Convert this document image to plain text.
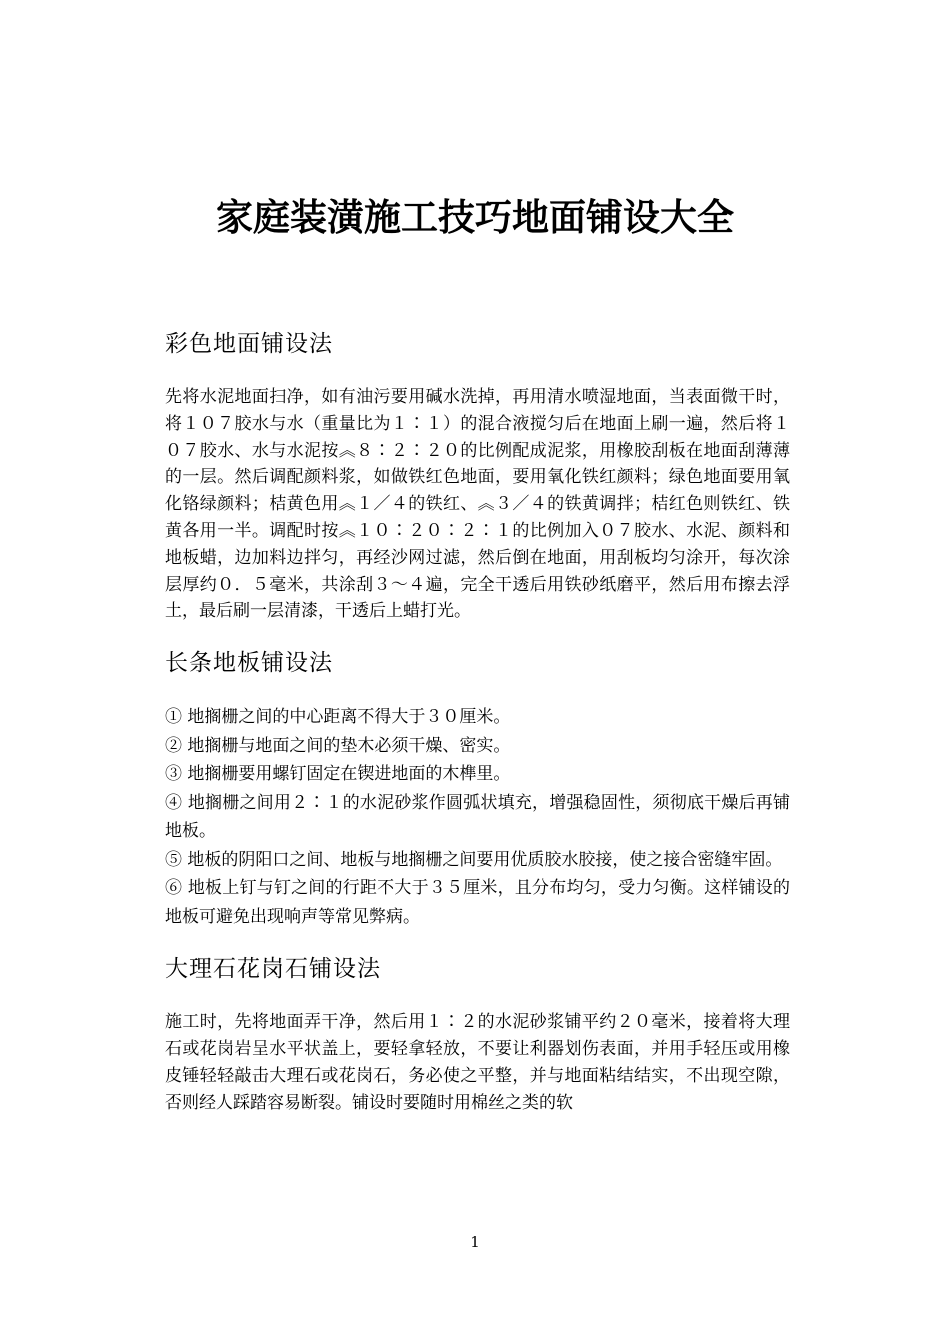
家庭装潢施工技巧地面铺设大全
彩色地面铺设法

先将水泥地面扫净，如有油污要用碱水洗掉，再用清水喷湿地面，当表面微干时，将１０７胶水与水（重量比为１∶１）的混合液搅匀后在地面上刷一遍，然后将１０７胶水、水与水泥按︽８∶２∶２０的比例配成泥浆，用橡胶刮板在地面刮薄薄的一层。然后调配颜料浆，如做铁红色地面，要用氧化铁红颜料；绿色地面要用氧化铬绿颜料；桔黄色用︽１／４的铁红、︽３／４的铁黄调拌；桔红色则铁红、铁黄各用一半。调配时按︽１０∶２０∶２∶１的比例加入０７胶水、水泥、颜料和地板蜡，边加料边拌匀，再经沙网过滤，然后倒在地面，用刮板均匀涂开，每次涂层厚约０．５毫米，共涂刮３～４遍，完全干透后用铁砂纸磨平，然后用布擦去浮土，最后刷一层清漆，干透后上蜡打光。

长条地板铺设法
① 地搁栅之间的中心距离不得大于３０厘米。
② 地搁栅与地面之间的垫木必须干燥、密实。
③ 地搁栅要用螺钉固定在锲进地面的木榫里。
④ 地搁栅之间用２∶１的水泥砂浆作圆弧状填充，增强稳固性，须彻底干燥后再铺地板。
⑤ 地板的阴阳口之间、地板与地搁栅之间要用优质胶水胶接，使之接合密缝牢固。
⑥ 地板上钉与钉之间的行距不大于３５厘米，且分布均匀，受力匀衡。这样铺设的地板可避免出现响声等常见弊病。
大理石花岗石铺设法

施工时，先将地面弄干净，然后用１∶２的水泥砂浆铺平约２０毫米，接着将大理石或花岗岩呈水平状盖上，要轻拿轻放，不要让利器划伤表面，并用手轻压或用橡皮锤轻轻敲击大理石或花岗石，务必使之平整，并与地面粘结结实，不出现空隙，否则经人踩踏容易断裂。铺设时要随时用棉丝之类的软

1
